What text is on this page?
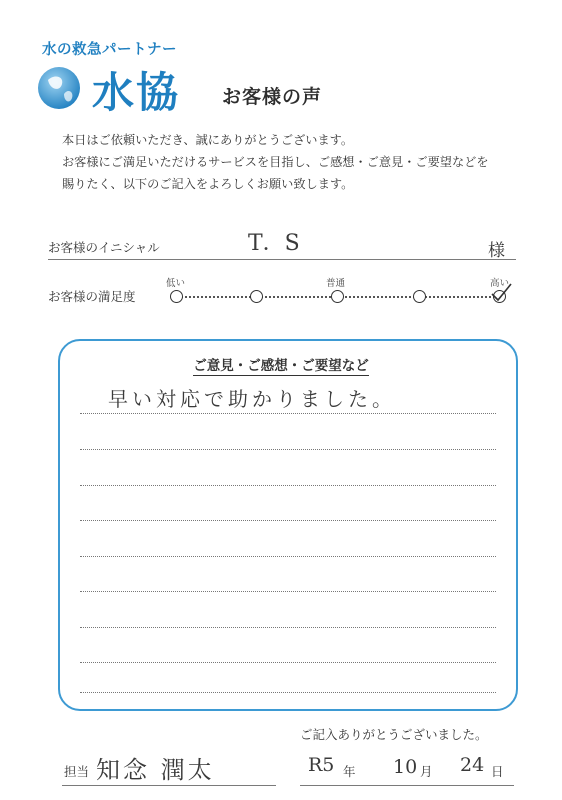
水の救急パートナー
水協 お客様の声
本日はご依頼いただき、誠にありがとうございます。
お客様にご満足いただけるサービスを目指し、ご感想・ご意見・ご要望などを
賜りたく、以下のご記入をよろしくお願い致します。
お客様のイニシャル	T．S	様
低い	普通	高い
お客様の満足度
ご意見・ご感想・ご要望など
早い対応で助かりました。
ご記入ありがとうございました。
担当 知念 潤太	R5 年 10 月 24 日
